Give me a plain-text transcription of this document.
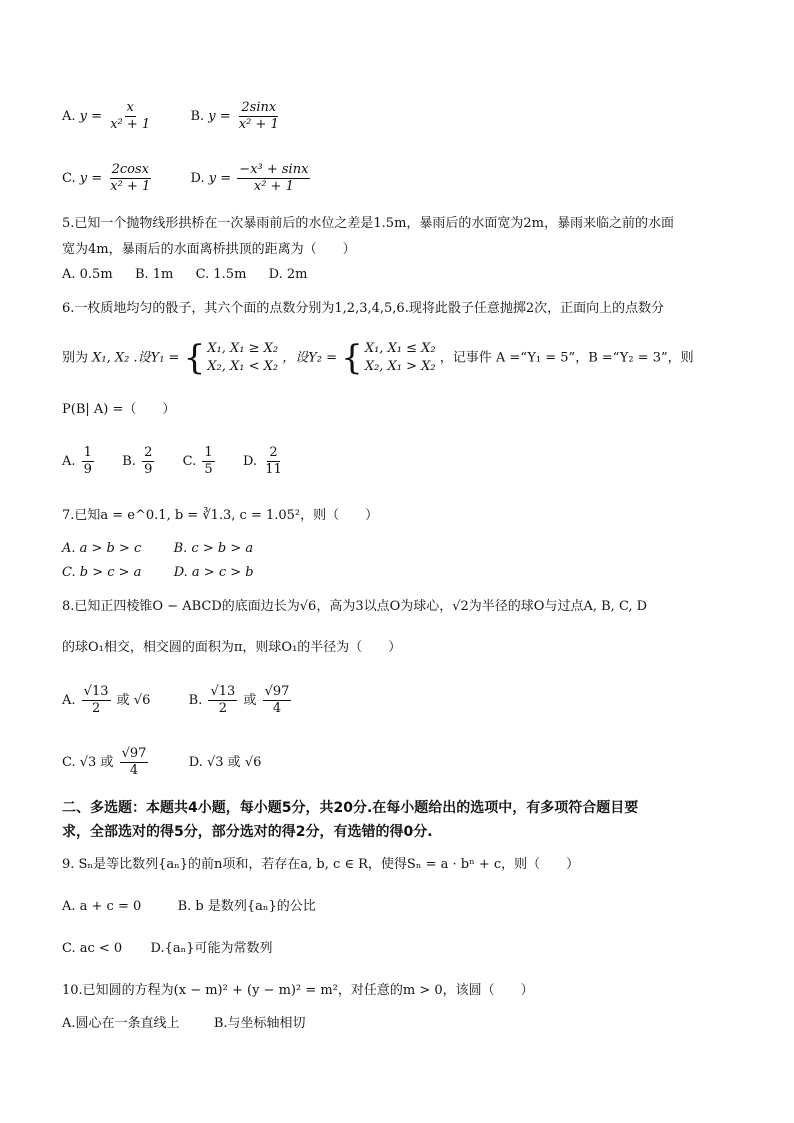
A. $y = \frac{x}{\text{x² + 1}}$	B. $y = \frac{2\sin x}{\text{x² + 1}}$
C. $y = \frac{2\cos x}{\text{x² + 1}}$	D. $y = \frac{\text{−x³ + sinx}}{\text{x² + 1}}$
5.已知一个抛物线形拱桥在一次暴雨前后的水位之差是1.5m，暴雨后的水面宽为2m，暴雨来临之前的水面
宽为4m，暴雨后的水面离桥拱顶的距离为（　　）
A. 0.5m B. 1m C. 1.5m D. 2m
6.一枚质地均匀的骰子，其六个面的点数分别为1,2,3,4,5,6.现将此骰子任意抛掷2次，正面向上的点数分
别为 X₁, X₂ .设Y₁ = { X₁, X₁ ≥ X₂
X₂, X₁ < X₂
，设Y₂ = { X₁, X₁ ≤ X₂
X₂, X₁ > X₂
，记事件 A =“Y₁ = 5”，B =“Y₂ = 3”，则
P(B| A) =（　　）
A. $\frac{1}{9} B$. $\frac{2}{9} C$. $\frac{1}{5} D$. $\frac{2}{11}$
7.已知a = e^0.1, b = ∛1.3, c = 1.05²，则（　　）
A. a > b > c B. c > b > a
C. b > c > a D. a > c > b
8.已知正四棱锥O − ABCD的底面边长为√6，高为3以点O为球心，√2为半径的球O与过点A, B, C, D
的球O₁相交，相交圆的面积为π，则球O₁的半径为（　　）
A. $\frac{√13}{2}$ 或 √6	B. $\frac{√13}{2}$ 或 $\frac{√97}{4}$
C. √3 或 $\frac{√97}{4}$	D. √3 或 √6
二、多选题：本题共4小题，每小题5分，共20分.在每小题给出的选项中，有多项符合题目要
求，全部选对的得5分，部分选对的得2分，有选错的得0分.
9. Sₙ是等比数列{aₙ}的前n项和，若存在a, b, c ∈ R，使得Sₙ = a · bⁿ + c，则（　　）
A. a + c = 0	B. b 是数列{aₙ}的公比
C. ac < 0 D.{aₙ}可能为常数列
10.已知圆的方程为(x − m)² + (y − m)² = m²，对任意的m > 0，该圆（　　）
A.圆心在一条直线上	B.与坐标轴相切
